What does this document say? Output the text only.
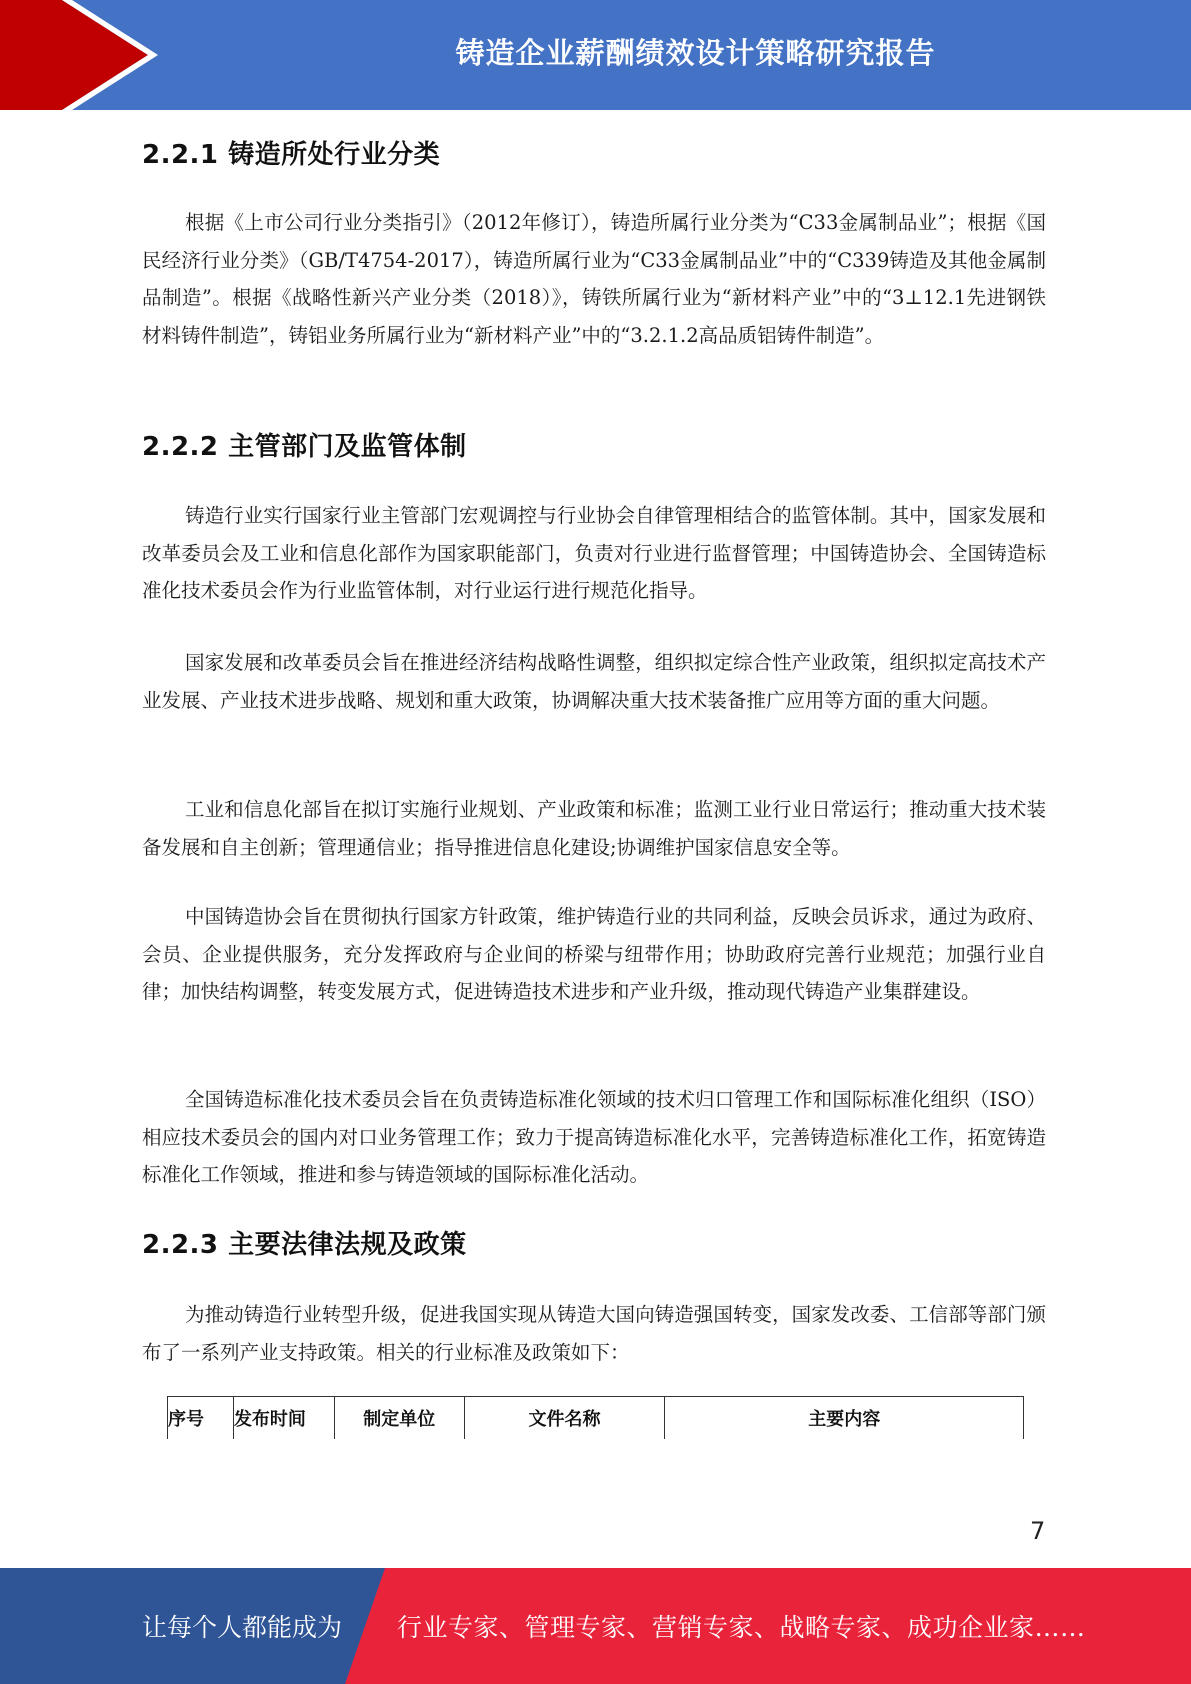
铸造企业薪酬绩效设计策略研究报告
2.2.1 铸造所处行业分类

根据《上市公司行业分类指引》（2012年修订），铸造所属行业分类为“C33金属制品业”；根据《国民经济行业分类》（GB/T4754-2017），铸造所属行业为“C33金属制品业”中的“C339铸造及其他金属制品制造”。根据《战略性新兴产业分类（2018）》，铸铁所属行业为“新材料产业”中的“3⊥12.1先进钢铁材料铸件制造”，铸铝业务所属行业为“新材料产业”中的“3.2.1.2高品质铝铸件制造”。

2.2.2 主管部门及监管体制

铸造行业实行国家行业主管部门宏观调控与行业协会自律管理相结合的监管体制。其中，国家发展和改革委员会及工业和信息化部作为国家职能部门，负责对行业进行监督管理；中国铸造协会、全国铸造标准化技术委员会作为行业监管体制，对行业运行进行规范化指导。

国家发展和改革委员会旨在推进经济结构战略性调整，组织拟定综合性产业政策，组织拟定高技术产业发展、产业技术进步战略、规划和重大政策，协调解决重大技术装备推广应用等方面的重大问题。

工业和信息化部旨在拟订实施行业规划、产业政策和标准；监测工业行业日常运行；推动重大技术装备发展和自主创新；管理通信业；指导推进信息化建设;协调维护国家信息安全等。

中国铸造协会旨在贯彻执行国家方针政策，维护铸造行业的共同利益，反映会员诉求，通过为政府、会员、企业提供服务，充分发挥政府与企业间的桥梁与纽带作用；协助政府完善行业规范；加强行业自律；加快结构调整，转变发展方式，促进铸造技术进步和产业升级，推动现代铸造产业集群建设。

全国铸造标准化技术委员会旨在负责铸造标准化领域的技术归口管理工作和国际标准化组织（ISO）相应技术委员会的国内对口业务管理工作；致力于提高铸造标准化水平，完善铸造标准化工作，拓宽铸造标准化工作领域，推进和参与铸造领域的国际标准化活动。

2.2.3 主要法律法规及政策

为推动铸造行业转型升级，促进我国实现从铸造大国向铸造强国转变，国家发改委、工信部等部门颁布了一系列产业支持政策。相关的行业标准及政策如下：

序号	发布时间	制定单位	文件名称	主要内容
7
让每个人都能成为 行业专家、管理专家、营销专家、战略专家、成功企业家……
